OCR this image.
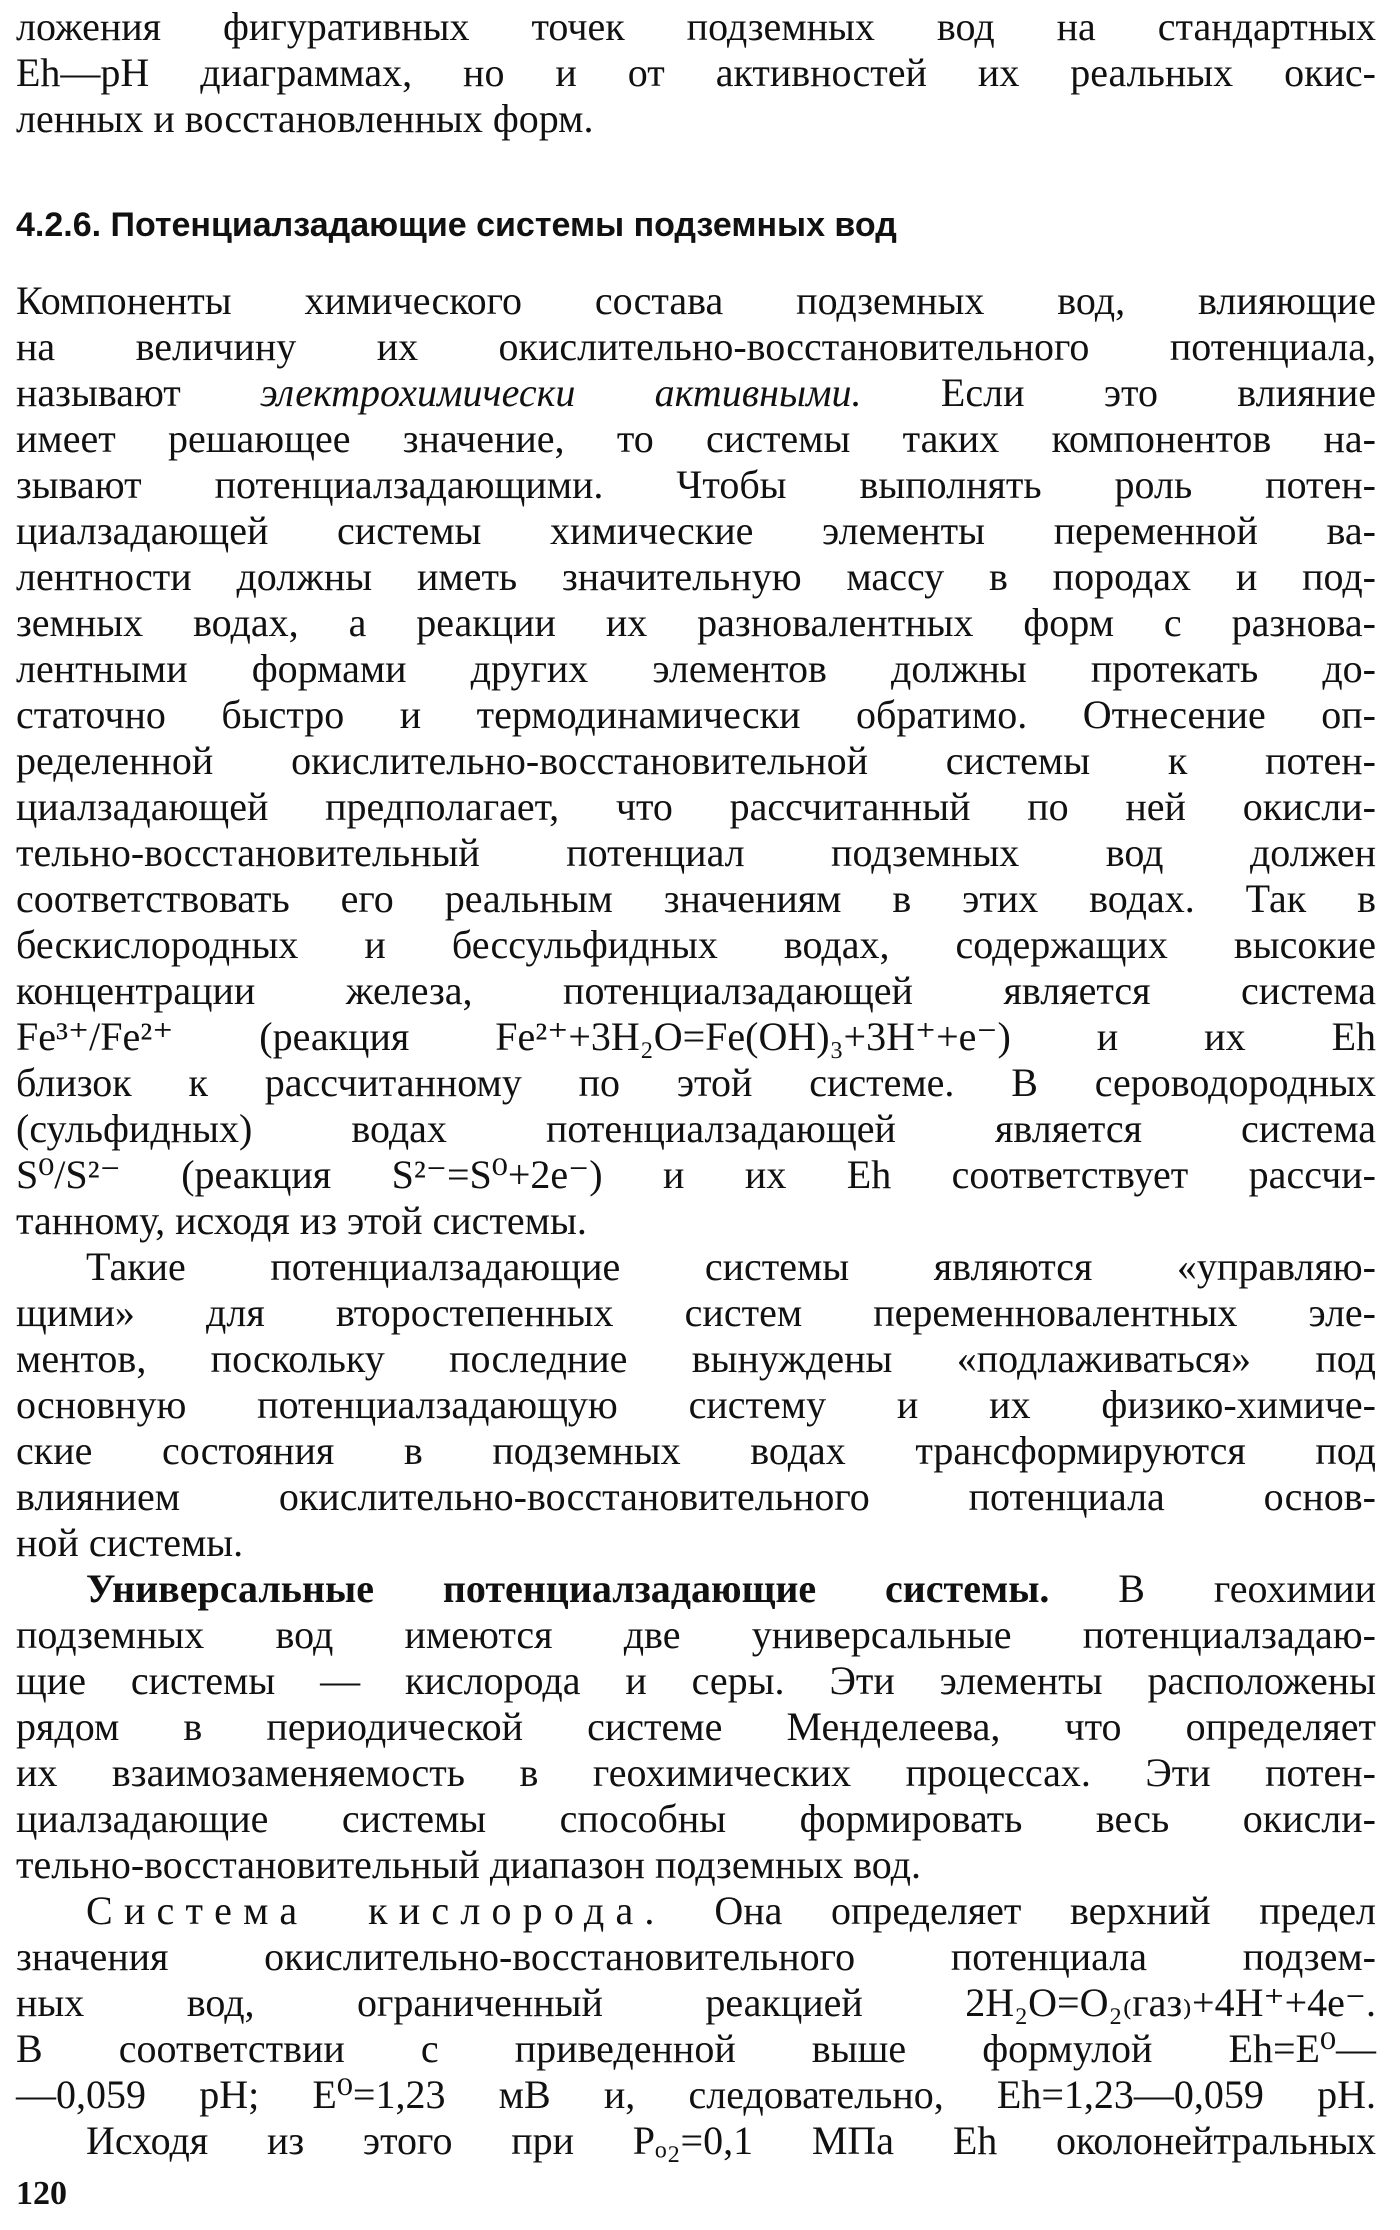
ложения фигуративных точек подземных вод на стандартных
Eh—pH диаграммах, но и от активностей их реальных окис-
ленных и восстановленных форм.
4.2.6. Потенциалзадающие системы подземных вод
Компоненты химического состава подземных вод, влияющие
на величину их окислительно-восстановительного потенциала,
называют электрохимически активными. Если это влияние
имеет решающее значение, то системы таких компонентов на-
зывают потенциалзадающими. Чтобы выполнять роль потен-
циалзадающей системы химические элементы переменной ва-
лентности должны иметь значительную массу в породах и под-
земных водах, а реакции их разновалентных форм с разнова-
лентными формами других элементов должны протекать до-
статочно быстро и термодинамически обратимо. Отнесение оп-
ределенной окислительно-восстановительной системы к потен-
циалзадающей предполагает, что рассчитанный по ней окисли-
тельно-восстановительный потенциал подземных вод должен
соответствовать его реальным значениям в этих водах. Так в
бескислородных и бессульфидных водах, содержащих высокие
концентрации железа, потенциалзадающей является система
Fe³⁺/Fe²⁺ (реакция Fe²⁺+3H₂O=Fe(OH)₃+3H⁺+e⁻) и их Eh
близок к рассчитанному по этой системе. В сероводородных
(сульфидных) водах потенциалзадающей является система
S⁰/S²⁻ (реакция S²⁻=S⁰+2e⁻) и их Eh соответствует рассчи-
танному, исходя из этой системы.
Такие потенциалзадающие системы являются «управляю-
щими» для второстепенных систем переменновалентных эле-
ментов, поскольку последние вынуждены «подлаживаться» под
основную потенциалзадающую систему и их физико-химиче-
ские состояния в подземных водах трансформируются под
влиянием окислительно-восстановительного потенциала основ-
ной системы.
Универсальные потенциалзадающие системы. В геохимии
подземных вод имеются две универсальные потенциалзадаю-
щие системы — кислорода и серы. Эти элементы расположены
рядом в периодической системе Менделеева, что определяет
их взаимозаменяемость в геохимических процессах. Эти потен-
циалзадающие системы способны формировать весь окисли-
тельно-восстановительный диапазон подземных вод.
Система кислорода. Она определяет верхний предел
значения окислительно-восстановительного потенциала подзем-
ных вод, ограниченный реакцией 2H₂O=O₂₍газ₎+4H⁺+4e⁻.
В соответствии с приведенной выше формулой Eh=E⁰—
—0,059 pH; E⁰=1,23 мВ и, следовательно, Eh=1,23—0,059 pH.
Исходя из этого при Pₒ₂=0,1 МПа Eh околонейтральных
120
